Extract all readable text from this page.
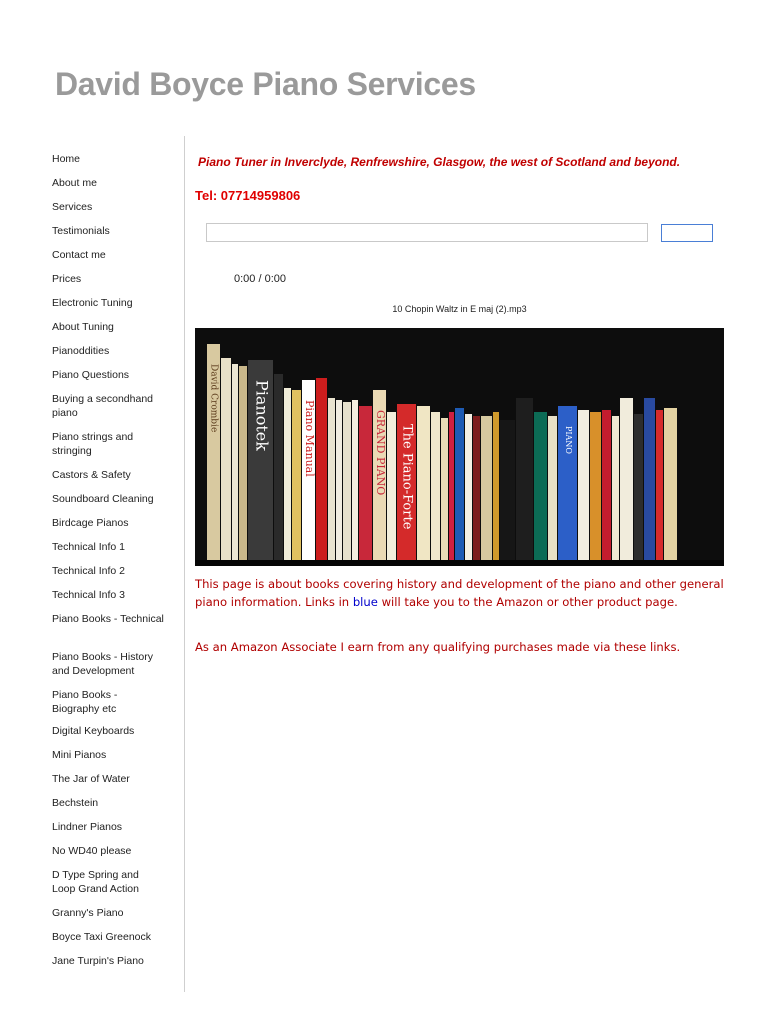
David Boyce Piano Services
Home
About me
Services
Testimonials
Contact me
Prices
Electronic Tuning
About Tuning
Pianoddities
Piano Questions
Buying a secondhand piano
Piano strings and stringing
Castors & Safety
Soundboard Cleaning
Birdcage Pianos
Technical Info 1
Technical Info 2
Technical Info 3
Piano Books - Technical
Piano Books - History and Development
Piano Books - Biography etc
Digital Keyboards
Mini Pianos
The Jar of Water
Bechstein
Lindner Pianos
No WD40 please
D Type Spring and Loop Grand Action
Granny's Piano
Boyce Taxi Greenock
Jane Turpin's Piano
Piano Tuner in Inverclyde, Renfrewshire, Glasgow, the west of Scotland and beyond.
Tel: 07714959806
0:00 / 0:00
10 Chopin Waltz in E maj (2).mp3
Pianotek	Piano Manual	GRAND PIANO The Piano-Forte
David Crombie
PIANO
This page is about books covering history and development of the piano and other general piano information. Links in blue will take you to the Amazon or other product page.
As an Amazon Associate I earn from any qualifying purchases made via these links.
